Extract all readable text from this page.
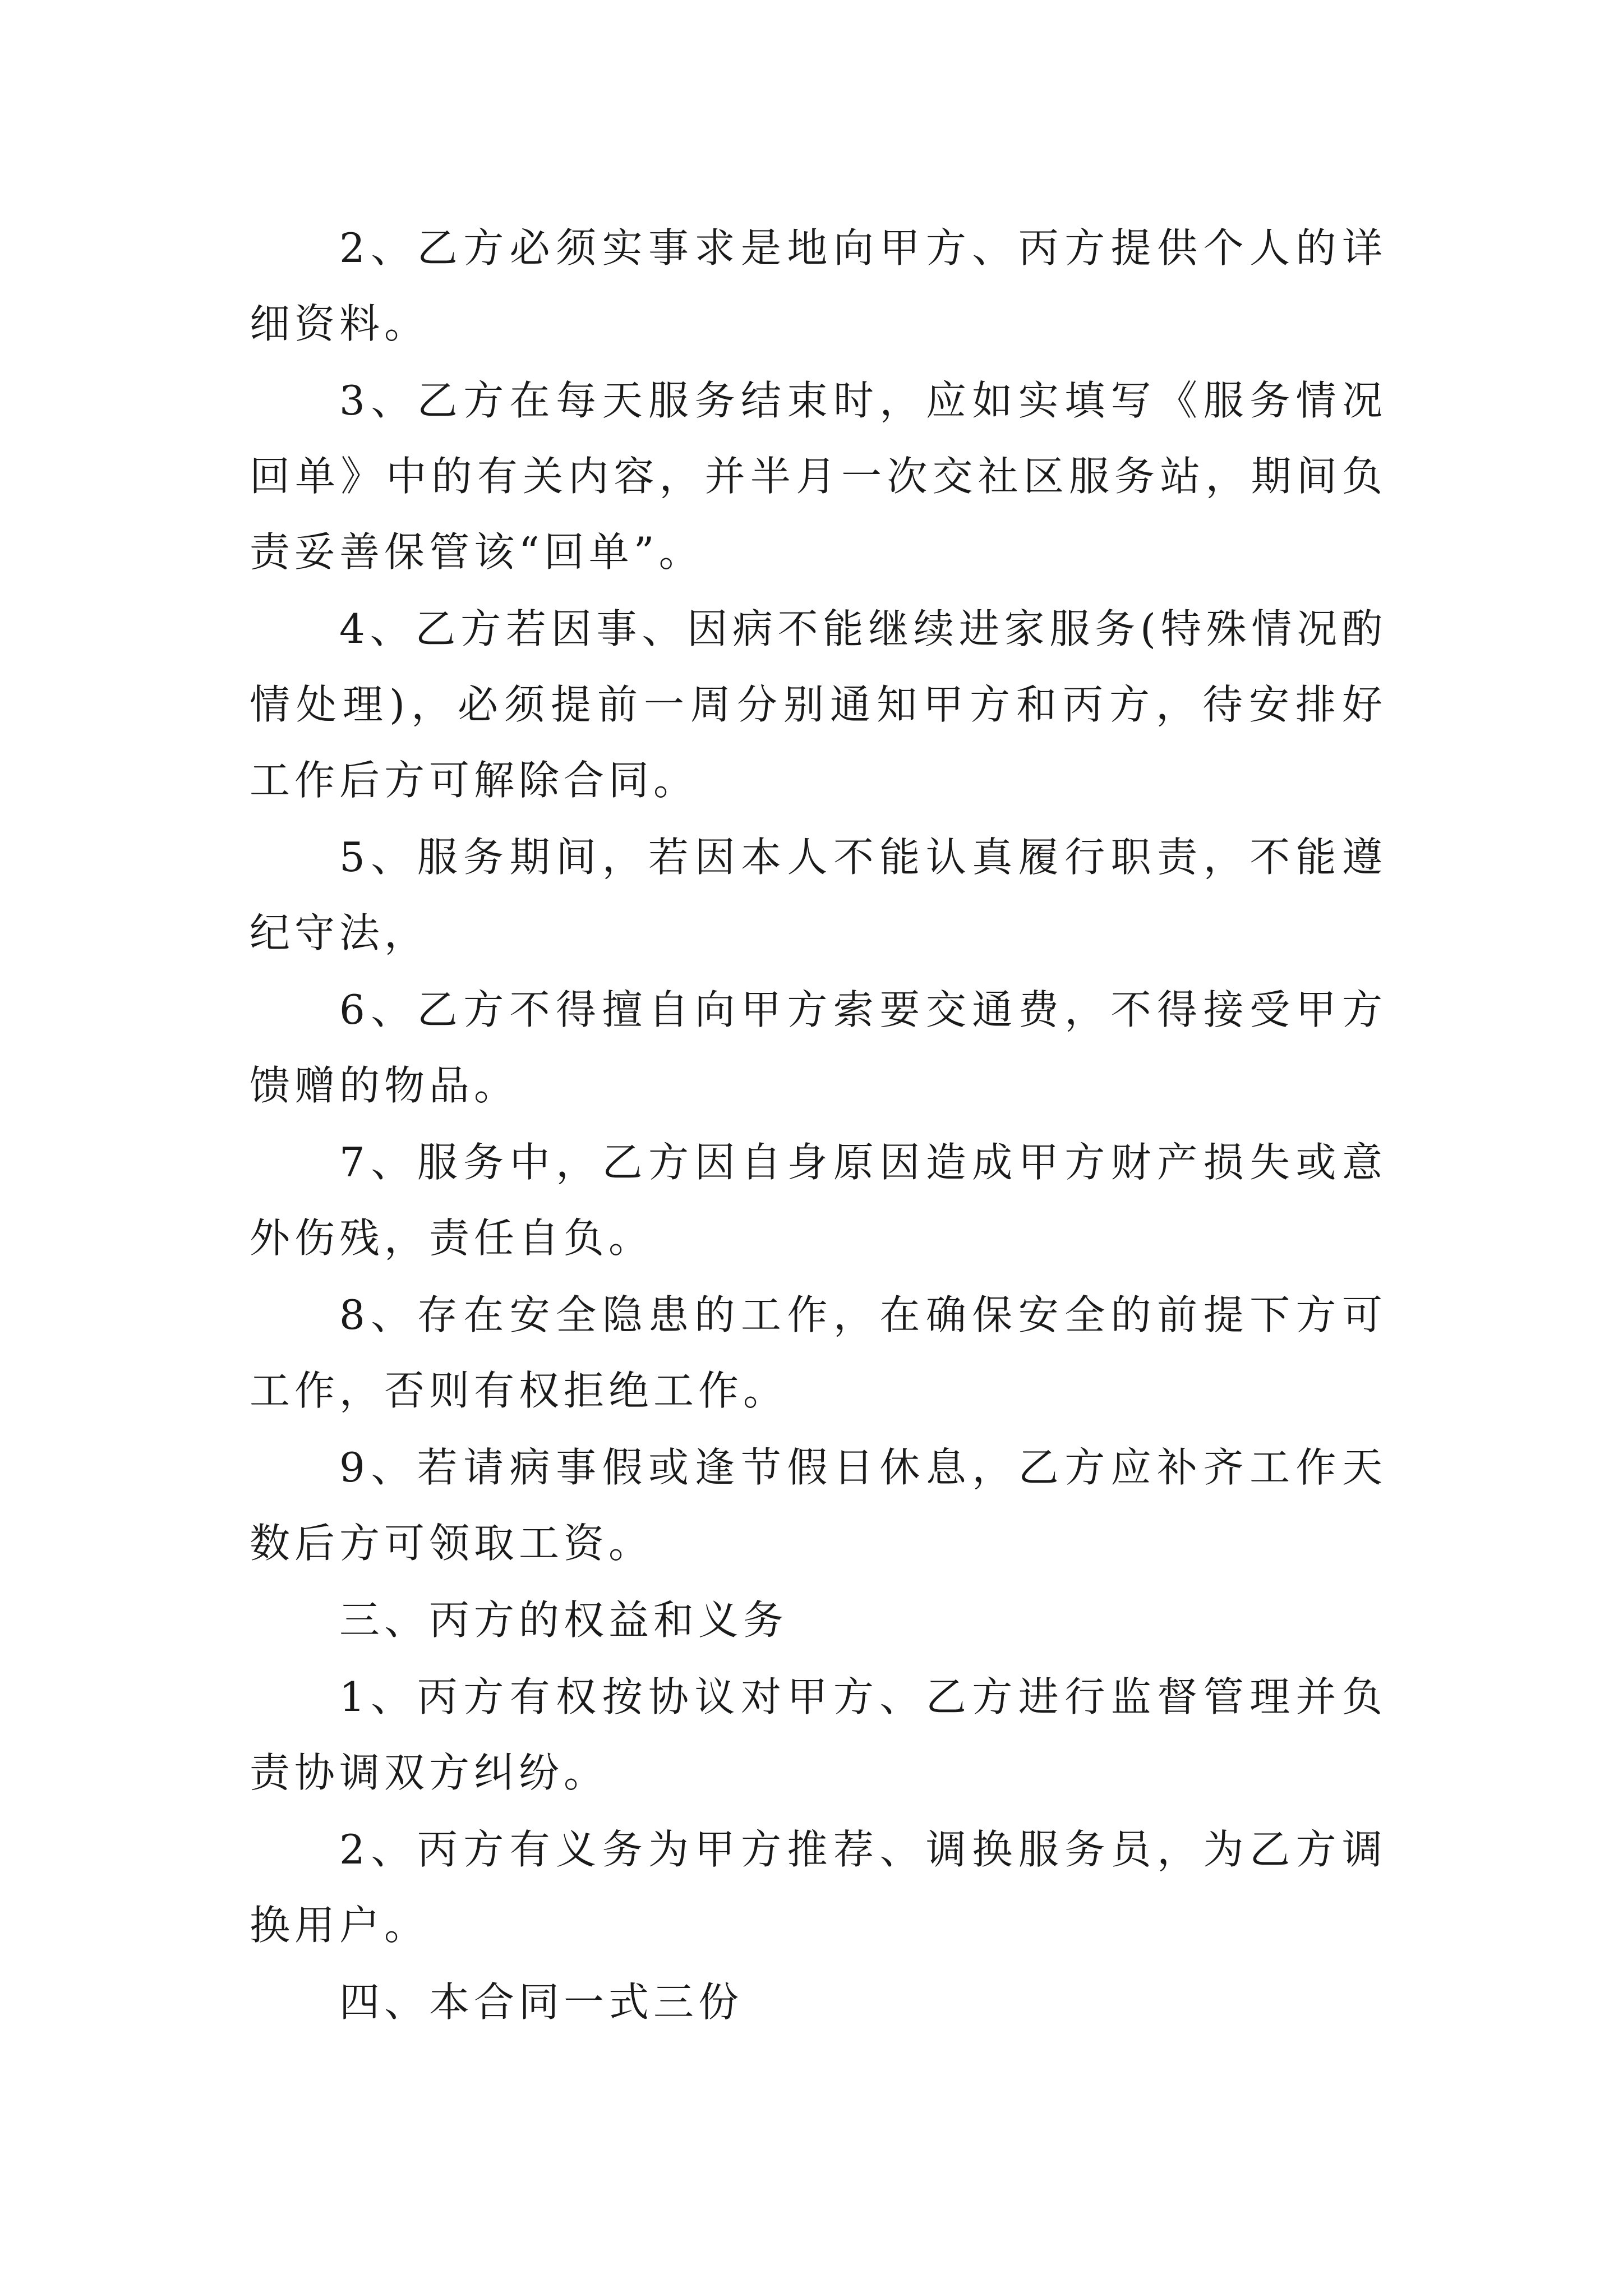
2、乙方必须实事求是地向甲方、丙方提供个人的详细资料。

3、乙方在每天服务结束时，应如实填写《服务情况回单》中的有关内容，并半月一次交社区服务站，期间负责妥善保管该“回单”。

4、乙方若因事、因病不能继续进家服务(特殊情况酌情处理)，必须提前一周分别通知甲方和丙方，待安排好工作后方可解除合同。

5、服务期间，若因本人不能认真履行职责，不能遵纪守法，

6、乙方不得擅自向甲方索要交通费，不得接受甲方馈赠的物品。

7、服务中，乙方因自身原因造成甲方财产损失或意外伤残，责任自负。

8、存在安全隐患的工作，在确保安全的前提下方可工作，否则有权拒绝工作。

9、若请病事假或逢节假日休息，乙方应补齐工作天数后方可领取工资。

三、丙方的权益和义务

1、丙方有权按协议对甲方、乙方进行监督管理并负责协调双方纠纷。

2、丙方有义务为甲方推荐、调换服务员，为乙方调换用户。

四、本合同一式三份
